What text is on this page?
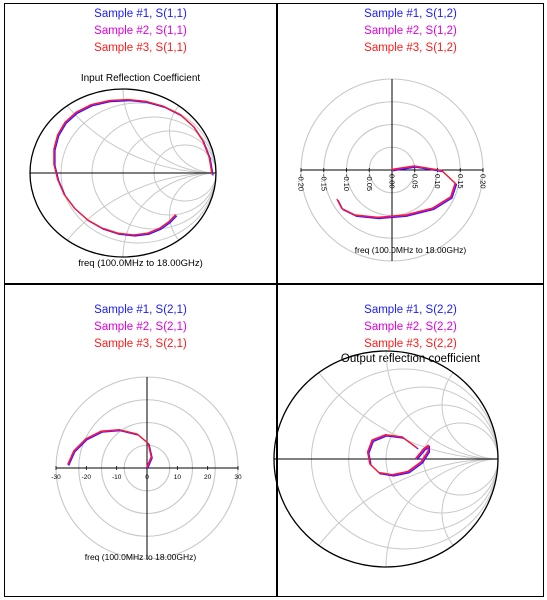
Sample #1, S(1,1)
Sample #2, S(1,1)
Sample #3, S(1,1)
Input Reflection Coefficient
freq (100.0MHz to 18.00GHz)
Sample #1, S(1,2)
Sample #2, S(1,2)
Sample #3, S(1,2)
-0.20 -0.15 -0.10 -0.05 0.00 0.05 0.10 0.15 0.20
freq (100.0MHz to 18.00GHz)
Sample #1, S(2,1)
Sample #2, S(2,1)
Sample #3, S(2,1)
-30	-20	-10	0	10	20	30
freq (100.0MHz to 18.00GHz)
Sample #1, S(2,2)
Sample #2, S(2,2)
Sample #3, S(2,2)
Output reflection coefficient
